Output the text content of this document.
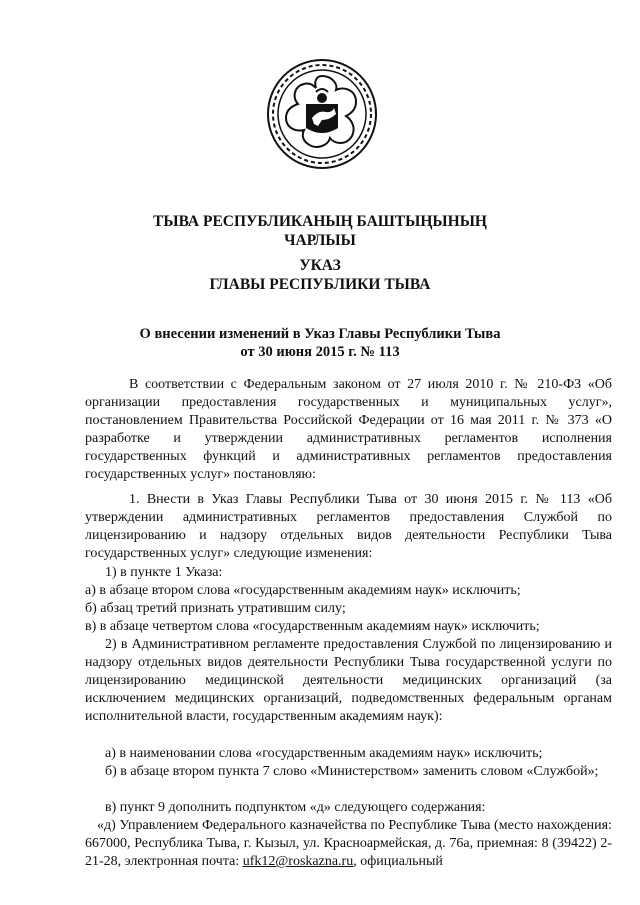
ТЫВА РЕСПУБЛИКАНЫҢ БАШТЫҢЫНЫҢ
ЧАРЛЫЫ
УКАЗ
ГЛАВЫ РЕСПУБЛИКИ ТЫВА
О внесении изменений в Указ Главы Республики Тыва
от 30 июня 2015 г. № 113
В соответствии с Федеральным законом от 27 июля 2010 г. № 210-ФЗ «Об организации предоставления государственных и муниципальных услуг», постановлением Правительства Российской Федерации от 16 мая 2011 г. № 373 «О разработке и утверждении административных регламентов исполнения государственных функций и административных регламентов предоставления государственных услуг» постановляю:
1. Внести в Указ Главы Республики Тыва от 30 июня 2015 г. № 113 «Об утверждении административных регламентов предоставления Службой по лицензированию и надзору отдельных видов деятельности Республики Тыва государственных услуг» следующие изменения:
1) в пункте 1 Указа:
а) в абзаце втором слова «государственным академиям наук» исключить;
б) абзац третий признать утратившим силу;
в) в абзаце четвертом слова «государственным академиям наук» исключить;
2) в Административном регламенте предоставления Службой по лицензированию и надзору отдельных видов деятельности Республики Тыва государственной услуги по лицензированию медицинской деятельности медицинских организаций (за исключением медицинских организаций, подведомственных федеральным органам исполнительной власти, государственным академиям наук):
а) в наименовании слова «государственным академиям наук» исключить;
б) в абзаце втором пункта 7 слово «Министерством» заменить словом «Службой»;
в) пункт 9 дополнить подпунктом «д» следующего содержания:
«д) Управлением Федерального казначейства по Республике Тыва (место нахождения: 667000, Республика Тыва, г. Кызыл, ул. Красноармейская, д. 76а, приемная: 8 (39422) 2-21-28, электронная почта: ufk12@roskazna.ru, официальный
